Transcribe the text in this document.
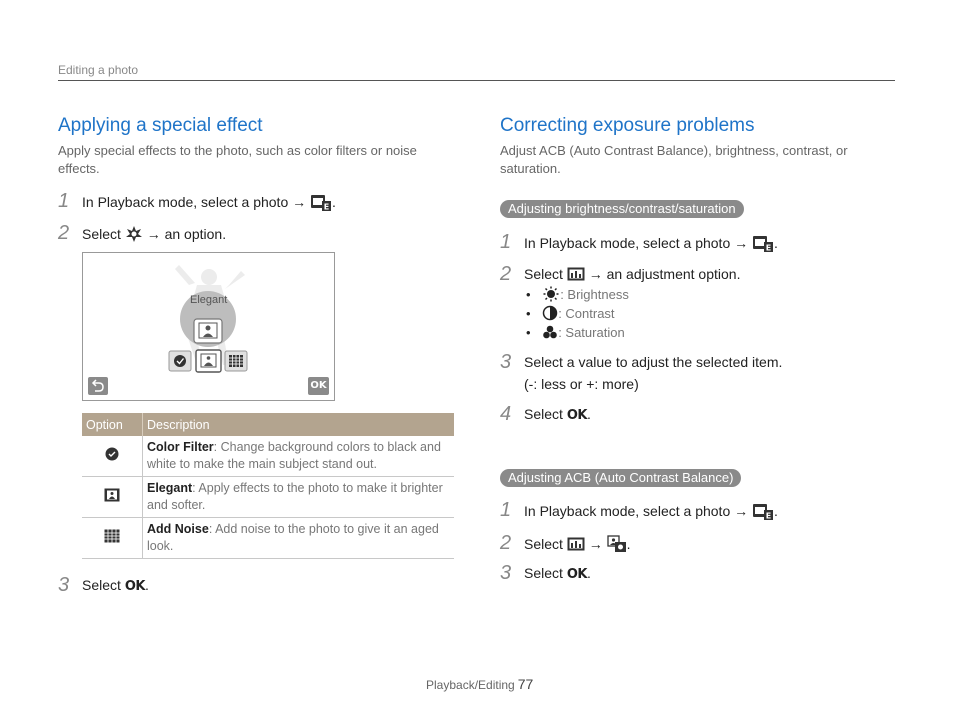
Editing a photo
Applying a special effect
Apply special effects to the photo, such as color filters or noise effects.
1 In Playback mode, select a photo → E .
2 Select → an option.
Elegant
OK
Option	Description
	Color Filter: Change background colors to black and white to make the main subject stand out.
	Elegant: Apply effects to the photo to make it brighter and softer.
	Add Noise: Add noise to the photo to give it an aged look.
3 Select OK.
Correcting exposure problems
Adjust ACB (Auto Contrast Balance), brightness, contrast, or saturation.
Adjusting brightness/contrast/saturation
1 In Playback mode, select a photo → E .
2 Select → an adjustment option.
• : Brightness
• : Contrast
• : Saturation
3 Select a value to adjust the selected item.
(-: less or +: more)
4 Select OK.
Adjusting ACB (Auto Contrast Balance)
1 In Playback mode, select a photo → E .
2 Select → .
3 Select OK.
Playback/Editing 77
